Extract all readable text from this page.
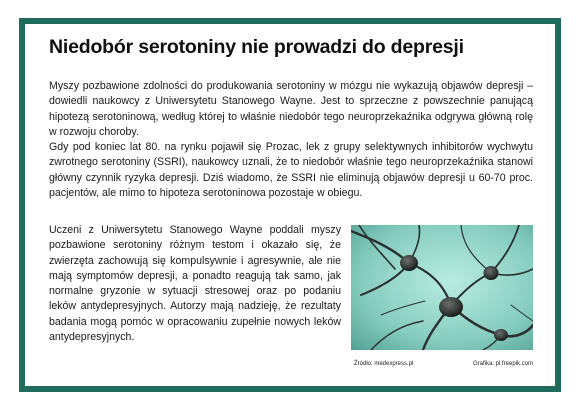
Niedobór serotoniny nie prowadzi do depresji

Myszy pozbawione zdolności do produkowania serotoniny w mózgu nie wykazują objawów depresji – dowiedli naukowcy z Uniwersytetu Stanowego Wayne. Jest to sprzeczne z powszechnie panującą hipotezą serotoninową, według której to właśnie niedobór tego neuroprzekaźnika odgrywa główną rolę w rozwoju choroby.

Gdy pod koniec lat 80. na rynku pojawił się Prozac, lek z grupy selektywnych inhibitorów wychwytu zwrotnego serotoniny (SSRI), naukowcy uznali, że to niedobór właśnie tego neuroprzekaźnika stanowi główny czynnik ryzyka depresji. Dziś wiadomo, że SSRI nie eliminują objawów depresji u 60-70 proc. pacjentów, ale mimo to hipoteza serotoninowa pozostaje w obiegu.

Uczeni z Uniwersytetu Stanowego Wayne poddali myszy pozbawione serotoniny różnym testom i okazało się, że zwierzęta zachowują się kompulsywnie i agresywnie, ale nie mają symptomów depresji, a ponadto reagują tak samo, jak normalne gryzonie w sytuacji stresowej oraz po podaniu leków antydepresyjnych. Autorzy mają nadzieję, że rezultaty badania mogą pomóc w opracowaniu zupełnie nowych leków antydepresyjnych.

Źródło: medexpress.pl	Grafika: pl.freepik.com
